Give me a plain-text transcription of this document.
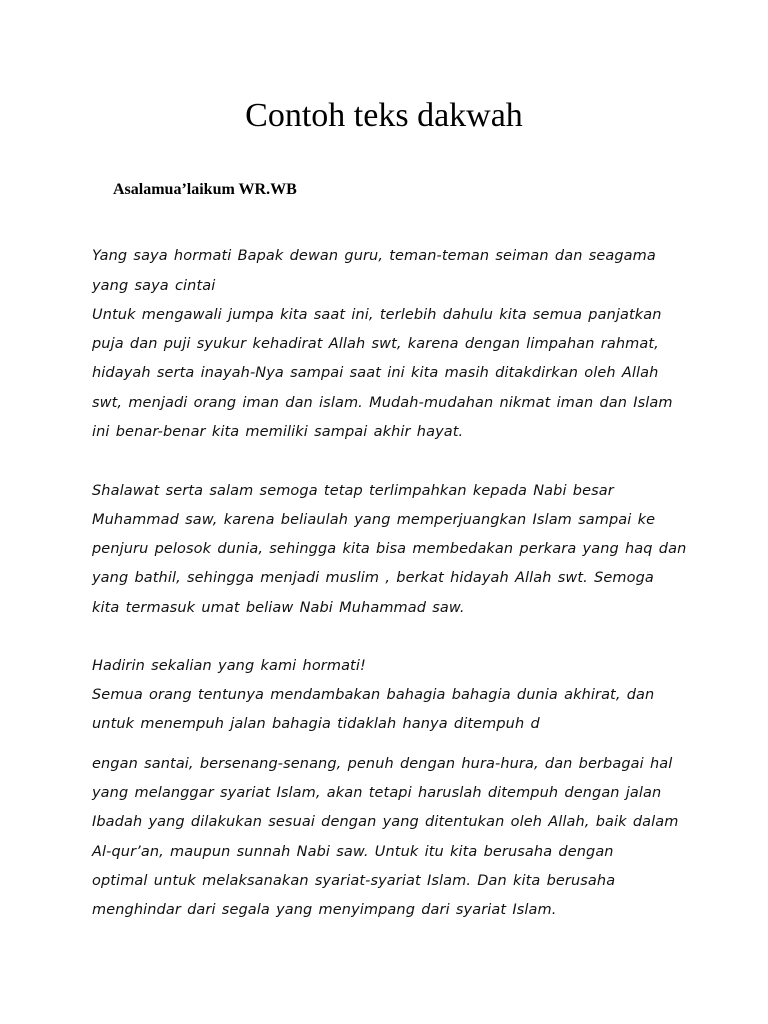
Contoh teks dakwah
Asalamua’laikum WR.WB
Yang saya hormati Bapak dewan guru, teman-teman seiman dan seagama
yang saya cintai
Untuk mengawali jumpa kita saat ini, terlebih dahulu kita semua panjatkan
puja dan puji syukur kehadirat Allah swt, karena dengan limpahan rahmat,
hidayah serta inayah-Nya sampai saat ini kita masih ditakdirkan oleh Allah
swt, menjadi orang iman dan islam. Mudah-mudahan nikmat iman dan Islam
ini benar-benar kita memiliki sampai akhir hayat.
Shalawat serta salam semoga tetap terlimpahkan kepada Nabi besar
Muhammad saw, karena beliaulah yang memperjuangkan Islam sampai ke
penjuru pelosok dunia, sehingga kita bisa membedakan perkara yang haq dan
yang bathil, sehingga menjadi muslim , berkat hidayah Allah swt. Semoga
kita termasuk umat beliaw Nabi Muhammad saw.
Hadirin sekalian yang kami hormati!
Semua orang tentunya mendambakan bahagia bahagia dunia akhirat, dan
untuk menempuh jalan bahagia tidaklah hanya ditempuh d
engan santai, bersenang-senang, penuh dengan hura-hura, dan berbagai hal
yang melanggar syariat Islam, akan tetapi haruslah ditempuh dengan jalan
Ibadah yang dilakukan sesuai dengan yang ditentukan oleh Allah, baik dalam
Al-qur’an, maupun sunnah Nabi saw. Untuk itu kita berusaha dengan
optimal untuk melaksanakan syariat-syariat Islam. Dan kita berusaha
menghindar dari segala yang menyimpang dari syariat Islam.
